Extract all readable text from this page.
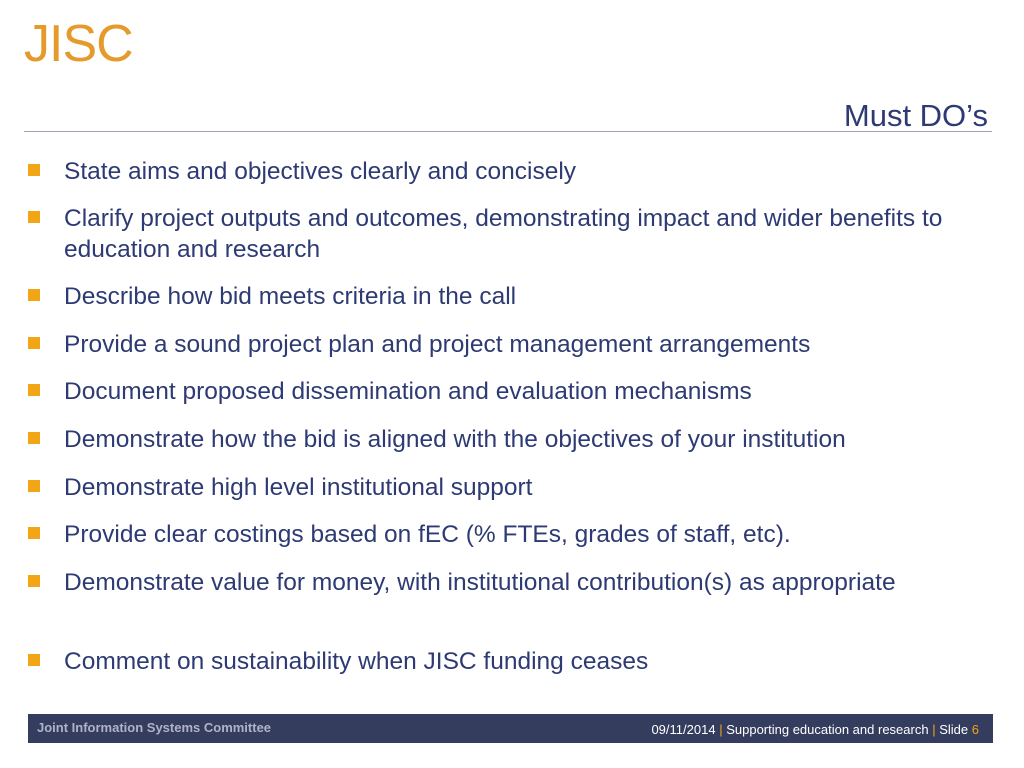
JISC
Must DO’s
State aims and objectives clearly and concisely
Clarify project outputs and outcomes, demonstrating impact and wider benefits to education and research
Describe how bid meets criteria in the call
Provide a sound project plan and project management arrangements
Document proposed dissemination and evaluation mechanisms
Demonstrate how the bid is aligned with the objectives of your institution
Demonstrate high level institutional support
Provide clear costings based on fEC (% FTEs, grades of staff, etc).
Demonstrate value for money, with institutional contribution(s) as appropriate
Comment on sustainability when JISC funding ceases
Joint Information Systems Committee	09/11/2014 | Supporting education and research | Slide 6
